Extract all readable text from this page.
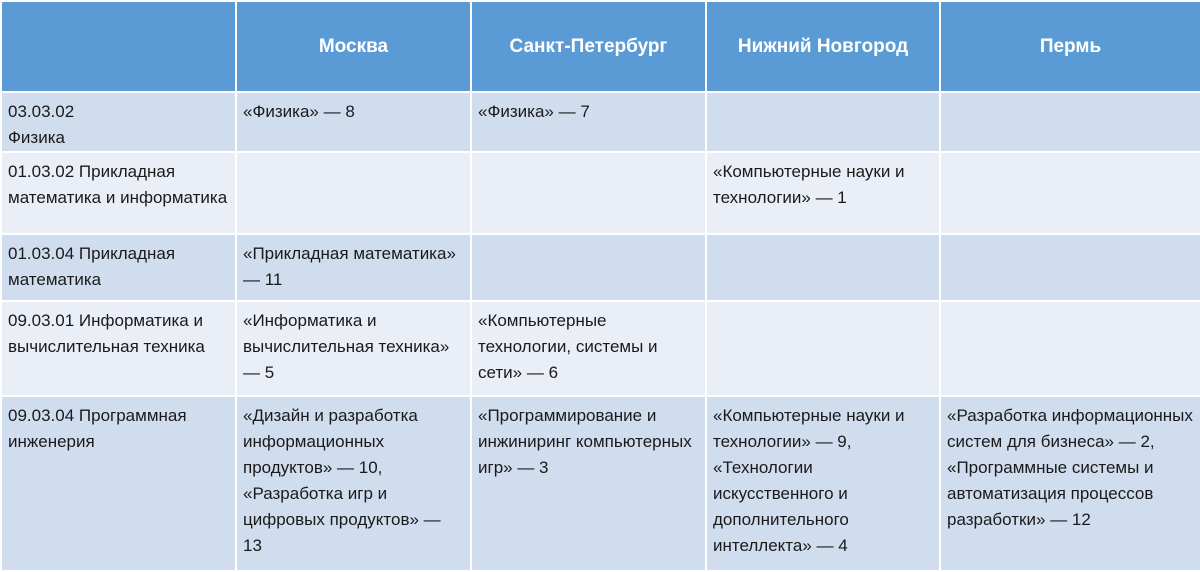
	Москва	Санкт-Петербург	Нижний Новгород	Пермь
03.03.02
Физика	«Физика» — 8	«Физика» — 7		
01.03.02 Прикладная математика и информатика			«Компьютерные науки и технологии» — 1	
01.03.04 Прикладная математика	«Прикладная математика» — 11			
09.03.01 Информатика и вычислительная техника	«Информатика и вычислительная техника» — 5	«Компьютерные технологии, системы и сети» — 6		
09.03.04 Программная инженерия	«Дизайн и разработка информационных продуктов» — 10, «Разработка игр и цифровых продуктов» — 13	«Программирование и инжиниринг компьютерных игр» — 3	«Компьютерные науки и технологии» — 9, «Технологии искусственного и дополнительного интеллекта» — 4	«Разработка информационных систем для бизнеса» — 2, «Программные системы и автоматизация процессов разработки» — 12
